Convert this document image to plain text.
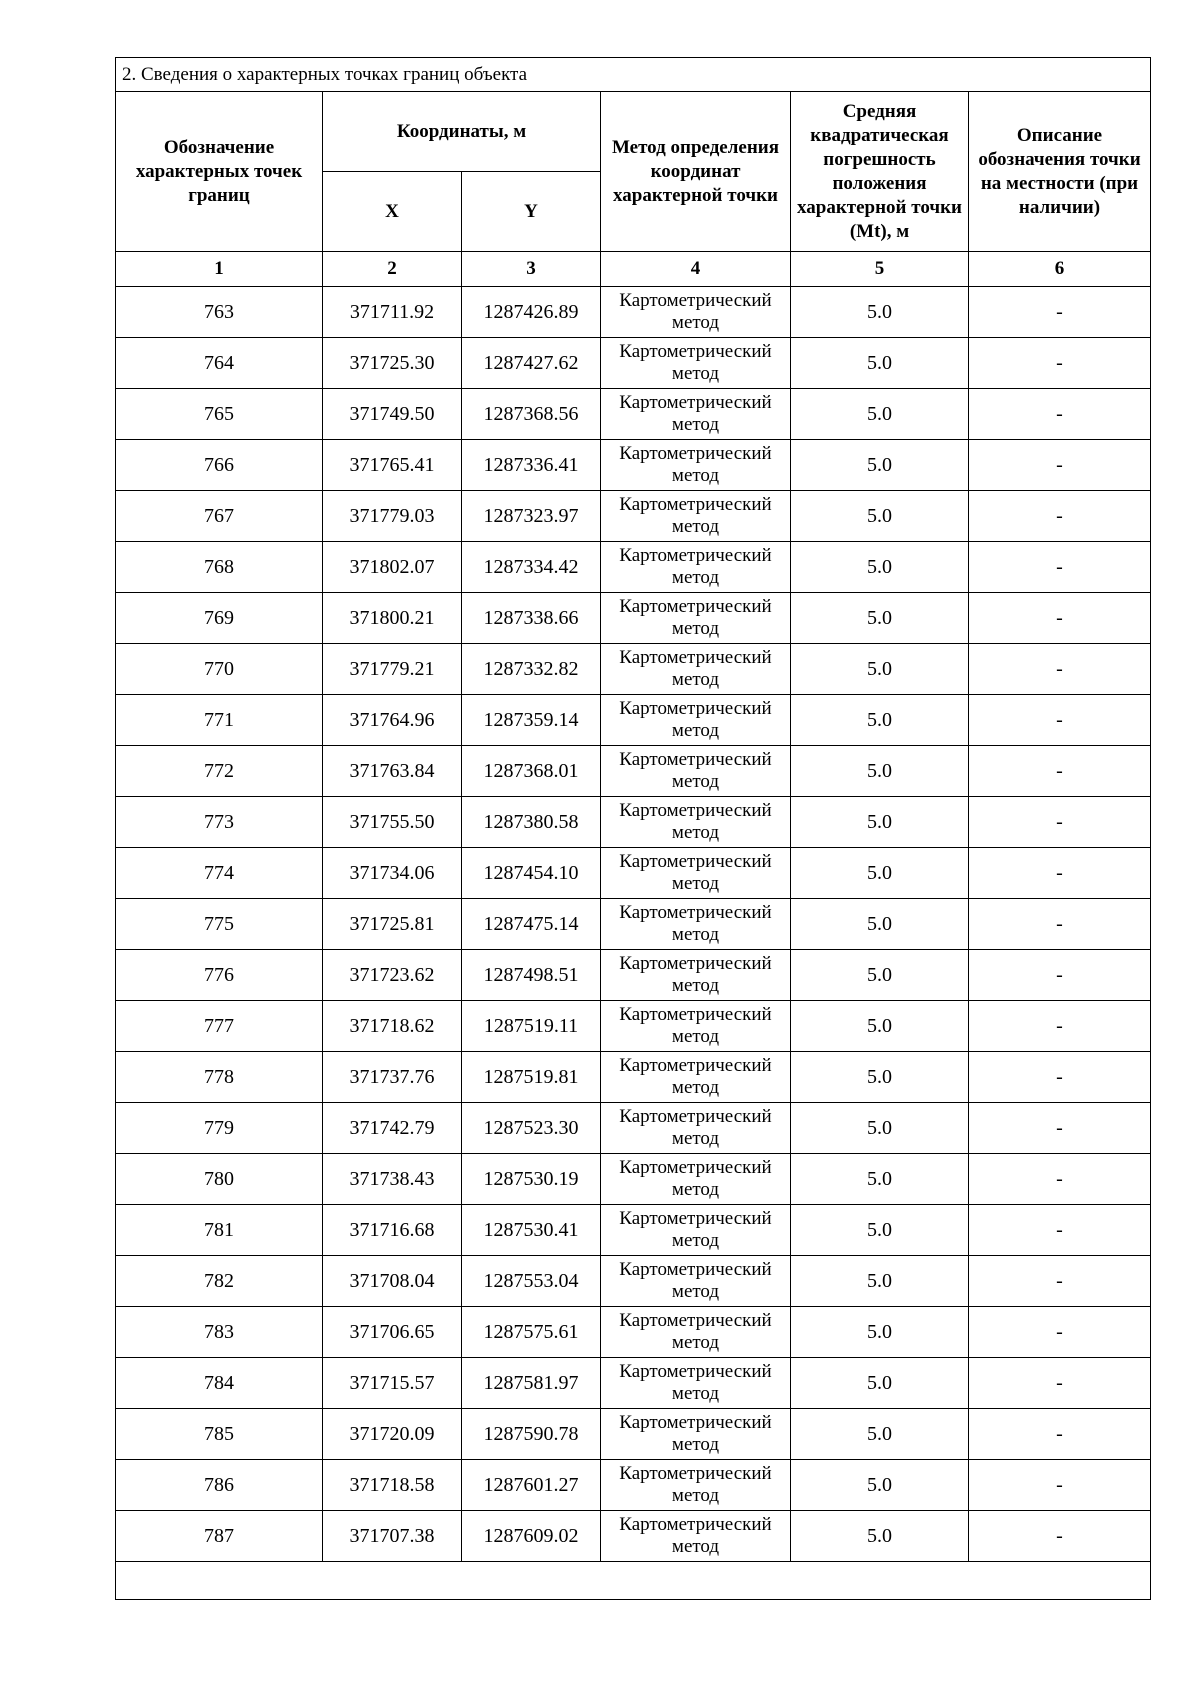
2. Сведения о характерных точках границ объекта					
Обозначение характерных точек границ	Координаты, м		Метод определения координат характерной точки	Средняя квадратическая погрешность положения характерной точки (Mt), м	Описание обозначения точки на местности (при наличии)
	X	Y			
1	2	3	4	5	6
763	371711.92	1287426.89	Картометрический метод	5.0	-
764	371725.30	1287427.62	Картометрический метод	5.0	-
765	371749.50	1287368.56	Картометрический метод	5.0	-
766	371765.41	1287336.41	Картометрический метод	5.0	-
767	371779.03	1287323.97	Картометрический метод	5.0	-
768	371802.07	1287334.42	Картометрический метод	5.0	-
769	371800.21	1287338.66	Картометрический метод	5.0	-
770	371779.21	1287332.82	Картометрический метод	5.0	-
771	371764.96	1287359.14	Картометрический метод	5.0	-
772	371763.84	1287368.01	Картометрический метод	5.0	-
773	371755.50	1287380.58	Картометрический метод	5.0	-
774	371734.06	1287454.10	Картометрический метод	5.0	-
775	371725.81	1287475.14	Картометрический метод	5.0	-
776	371723.62	1287498.51	Картометрический метод	5.0	-
777	371718.62	1287519.11	Картометрический метод	5.0	-
778	371737.76	1287519.81	Картометрический метод	5.0	-
779	371742.79	1287523.30	Картометрический метод	5.0	-
780	371738.43	1287530.19	Картометрический метод	5.0	-
781	371716.68	1287530.41	Картометрический метод	5.0	-
782	371708.04	1287553.04	Картометрический метод	5.0	-
783	371706.65	1287575.61	Картометрический метод	5.0	-
784	371715.57	1287581.97	Картометрический метод	5.0	-
785	371720.09	1287590.78	Картометрический метод	5.0	-
786	371718.58	1287601.27	Картометрический метод	5.0	-
787	371707.38	1287609.02	Картометрический метод	5.0	-
